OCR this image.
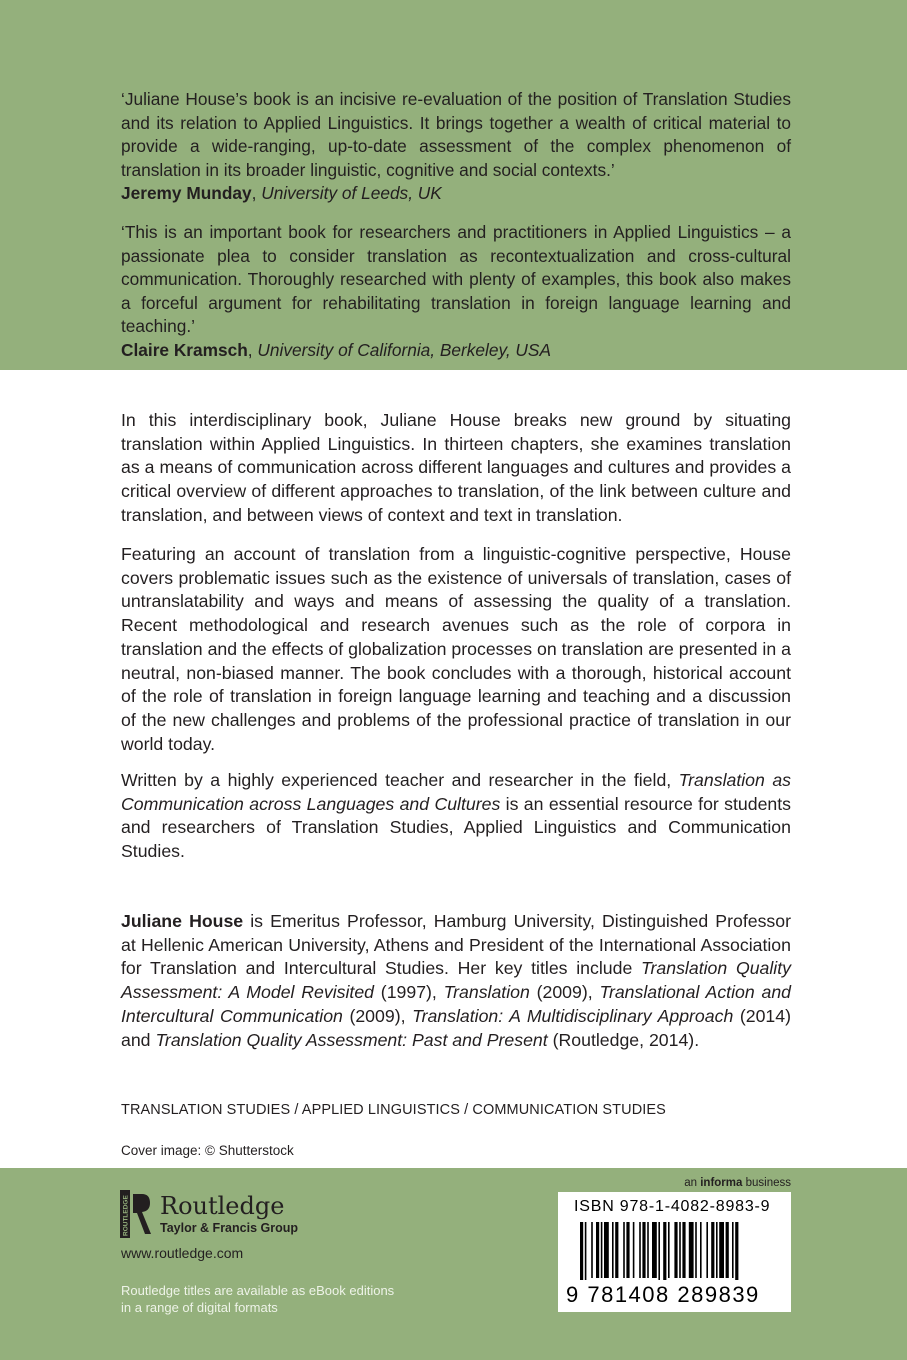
‘Juliane House’s book is an incisive re-evaluation of the position of Translation Studies and its relation to Applied Linguistics. It brings together a wealth of critical material to provide a wide-ranging, up-to-date assessment of the complex phenomenon of translation in its broader linguistic, cognitive and social contexts.’

Jeremy Munday, University of Leeds, UK

‘This is an important book for researchers and practitioners in Applied Linguistics – a passionate plea to consider translation as recontextualization and cross-cultural communication. Thoroughly researched with plenty of examples, this book also makes a forceful argument for rehabilitating translation in foreign language learning and teaching.’

Claire Kramsch, University of California, Berkeley, USA

In this interdisciplinary book, Juliane House breaks new ground by situating translation within Applied Linguistics. In thirteen chapters, she examines translation as a means of communication across different languages and cultures and provides a critical overview of different approaches to translation, of the link between culture and translation, and between views of context and text in translation.

Featuring an account of translation from a linguistic-cognitive perspective, House covers problematic issues such as the existence of universals of translation, cases of untranslatability and ways and means of assessing the quality of a translation. Recent methodological and research avenues such as the role of corpora in translation and the effects of globalization processes on translation are presented in a neutral, non-biased manner. The book concludes with a thorough, historical account of the role of translation in foreign language learning and teaching and a discussion of the new challenges and problems of the professional practice of translation in our world today.

Written by a highly experienced teacher and researcher in the field, Translation as Communication across Languages and Cultures is an essential resource for students and researchers of Translation Studies, Applied Linguistics and Communication Studies.

Juliane House is Emeritus Professor, Hamburg University, Distinguished Professor at Hellenic American University, Athens and President of the International Association for Translation and Intercultural Studies. Her key titles include Translation Quality Assessment: A Model Revisited (1997), Translation (2009), Translational Action and Intercultural Communication (2009), Translation: A Multidisciplinary Approach (2014) and Translation Quality Assessment: Past and Present (Routledge, 2014).

TRANSLATION STUDIES / APPLIED LINGUISTICS / COMMUNICATION STUDIES
Cover image: © Shutterstock
an informa business
ROUTLEDGE Routledge
Taylor & Francis Group
www.routledge.com
Routledge titles are available as eBook editions
in a range of digital formats
ISBN 978-1-4082-8983-9
9 781408 289839
